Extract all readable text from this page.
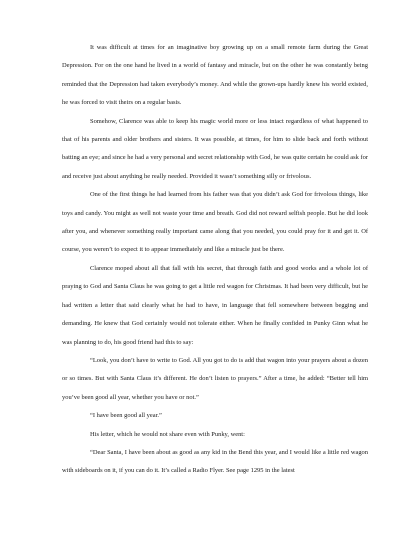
It was difficult at times for an imaginative boy growing up on a small remote farm during the Great Depression. For on the one hand he lived in a world of fantasy and miracle, but on the other he was constantly being reminded that the Depression had taken everybody’s money. And while the grown-ups hardly knew his world existed, he was forced to visit theirs on a regular basis.

Somehow, Clarence was able to keep his magic world more or less intact regardless of what happened to that of his parents and older brothers and sisters. It was possible, at times, for him to slide back and forth without batting an eye; and since he had a very personal and secret relationship with God, he was quite certain he could ask for and receive just about anything he really needed. Provided it wasn’t something silly or frivolous.

One of the first things he had learned from his father was that you didn’t ask God for frivolous things, like toys and candy. You might as well not waste your time and breath. God did not reward selfish people. But he did look after you, and whenever something really important came along that you needed, you could pray for it and get it. Of course, you weren’t to expect it to appear immediately and like a miracle just be there.

Clarence moped about all that fall with his secret, that through faith and good works and a whole lot of praying to God and Santa Claus he was going to get a little red wagon for Christmas. It had been very difficult, but he had written a letter that said clearly what he had to have, in language that fell somewhere between begging and demanding. He knew that God certainly would not tolerate either. When he finally confided in Punky Ginn what he was planning to do, his good friend had this to say:

“Look, you don’t have to write to God. All you got to do is add that wagon into your prayers about a dozen or so times. But with Santa Claus it’s different. He don’t listen to prayers.” After a time, he added: “Better tell him you’ve been good all year, whether you have or not.”

“I have been good all year.”

His letter, which he would not share even with Punky, went:

“Dear Santa, I have been about as good as any kid in the Bend this year, and I would like a little red wagon with sideboards on it, if you can do it. It’s called a Radio Flyer. See page 1295 in the latest
